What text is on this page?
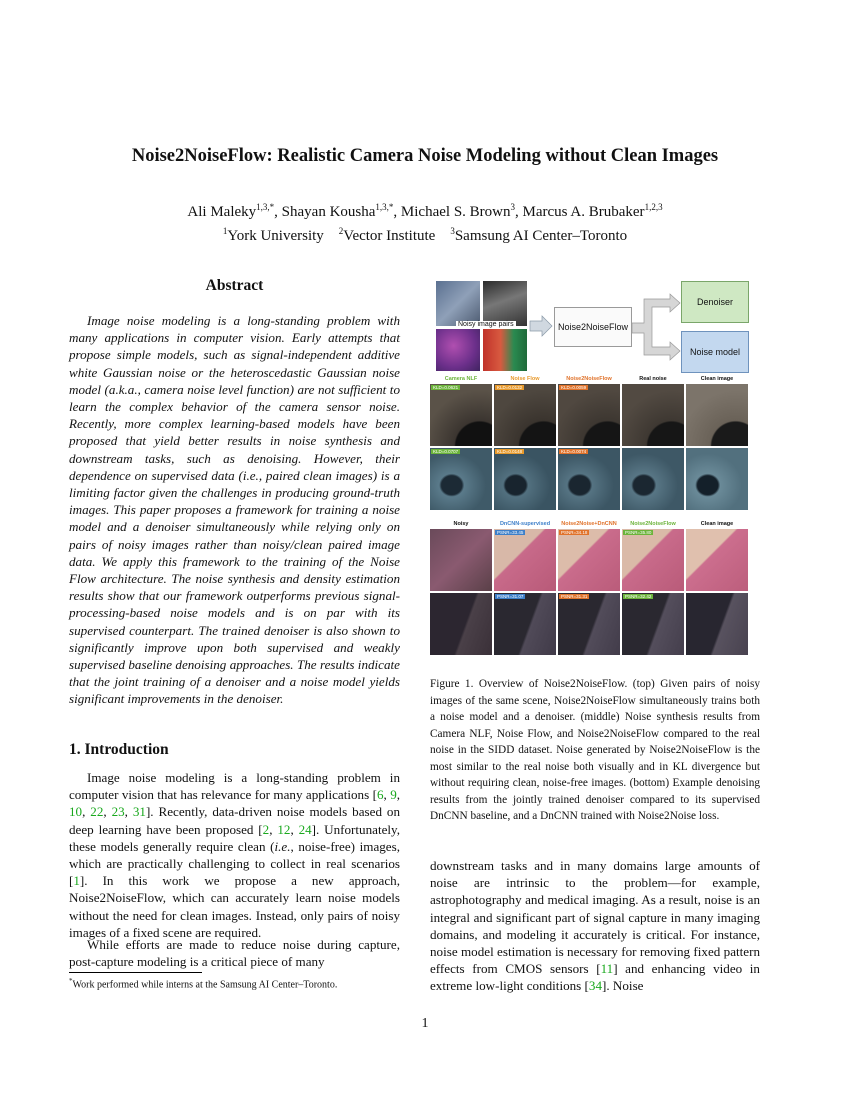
Noise2NoiseFlow: Realistic Camera Noise Modeling without Clean Images
Ali Maleky$^{1,3,*}$, Shayan Kousha$^{1,3,*}$, Michael S. Brown$^3$, Marcus A. Brubaker$^{1,2,3}$
$^1$York University $^2$Vector Institute $^3$Samsung AI Center–Toronto
Abstract
Image noise modeling is a long-standing problem with many applications in computer vision. Early attempts that propose simple models, such as signal-independent additive white Gaussian noise or the heteroscedastic Gaussian noise model (a.k.a., camera noise level function) are not sufficient to learn the complex behavior of the camera sensor noise. Recently, more complex learning-based models have been proposed that yield better results in noise synthesis and downstream tasks, such as denoising. However, their dependence on supervised data (i.e., paired clean images) is a limiting factor given the challenges in producing ground-truth images. This paper proposes a framework for training a noise model and a denoiser simultaneously while relying only on pairs of noisy images rather than noisy/clean paired image data. We apply this framework to the training of the Noise Flow architecture. The noise synthesis and density estimation results show that our framework outperforms previous signal-processing-based noise models and is on par with its supervised counterpart. The trained denoiser is also shown to significantly improve upon both supervised and weakly supervised baseline denoising approaches. The results indicate that the joint training of a denoiser and a noise model yields significant improvements in the denoiser.
1. Introduction
Image noise modeling is a long-standing problem in computer vision that has relevance for many applications [6, 9, 10, 22, 23, 31]. Recently, data-driven noise models based on deep learning have been proposed [2, 12, 24]. Unfortunately, these models generally require clean (i.e., noise-free) images, which are practically challenging to collect in real scenarios [1]. In this work we propose a new approach, Noise2NoiseFlow, which can accurately learn noise models without the need for clean images. Instead, only pairs of noisy images of a fixed scene are required.
While efforts are made to reduce noise during capture, post-capture modeling is a critical piece of many
*Work performed while interns at the Samsung AI Center–Toronto.
1
Noisy image pairs	Noise2NoiseFlow
Denoiser
Noise model
Camera NLF	Noise Flow	Noise2NoiseFlow	Real noise	Clean image
KLD=0.0621	KLD=0.0132	KLD=0.0059
KLD=0.0707	KLD=0.0148	KLD=0.0074
Noisy	DnCNN-supervised	Noise2Noise+DnCNN	Noise2NoiseFlow	Clean image
PSNR=33.45	PSNR=34.18	PSNR=35.80
PSNR=31.07	PSNR=31.31	PSNR=32.42
Figure 1. Overview of Noise2NoiseFlow. (top) Given pairs of noisy images of the same scene, Noise2NoiseFlow simultaneously trains both a noise model and a denoiser. (middle) Noise synthesis results from Camera NLF, Noise Flow, and Noise2NoiseFlow compared to the real noise in the SIDD dataset. Noise generated by Noise2NoiseFlow is the most similar to the real noise both visually and in KL divergence but without requiring clean, noise-free images. (bottom) Example denoising results from the jointly trained denoiser compared to its supervised DnCNN baseline, and a DnCNN trained with Noise2Noise loss.
downstream tasks and in many domains large amounts of noise are intrinsic to the problem—for example, astrophotography and medical imaging. As a result, noise is an integral and significant part of signal capture in many imaging domains, and modeling it accurately is critical. For instance, noise model estimation is necessary for removing fixed pattern effects from CMOS sensors [11] and enhancing video in extreme low-light conditions [34]. Noise
